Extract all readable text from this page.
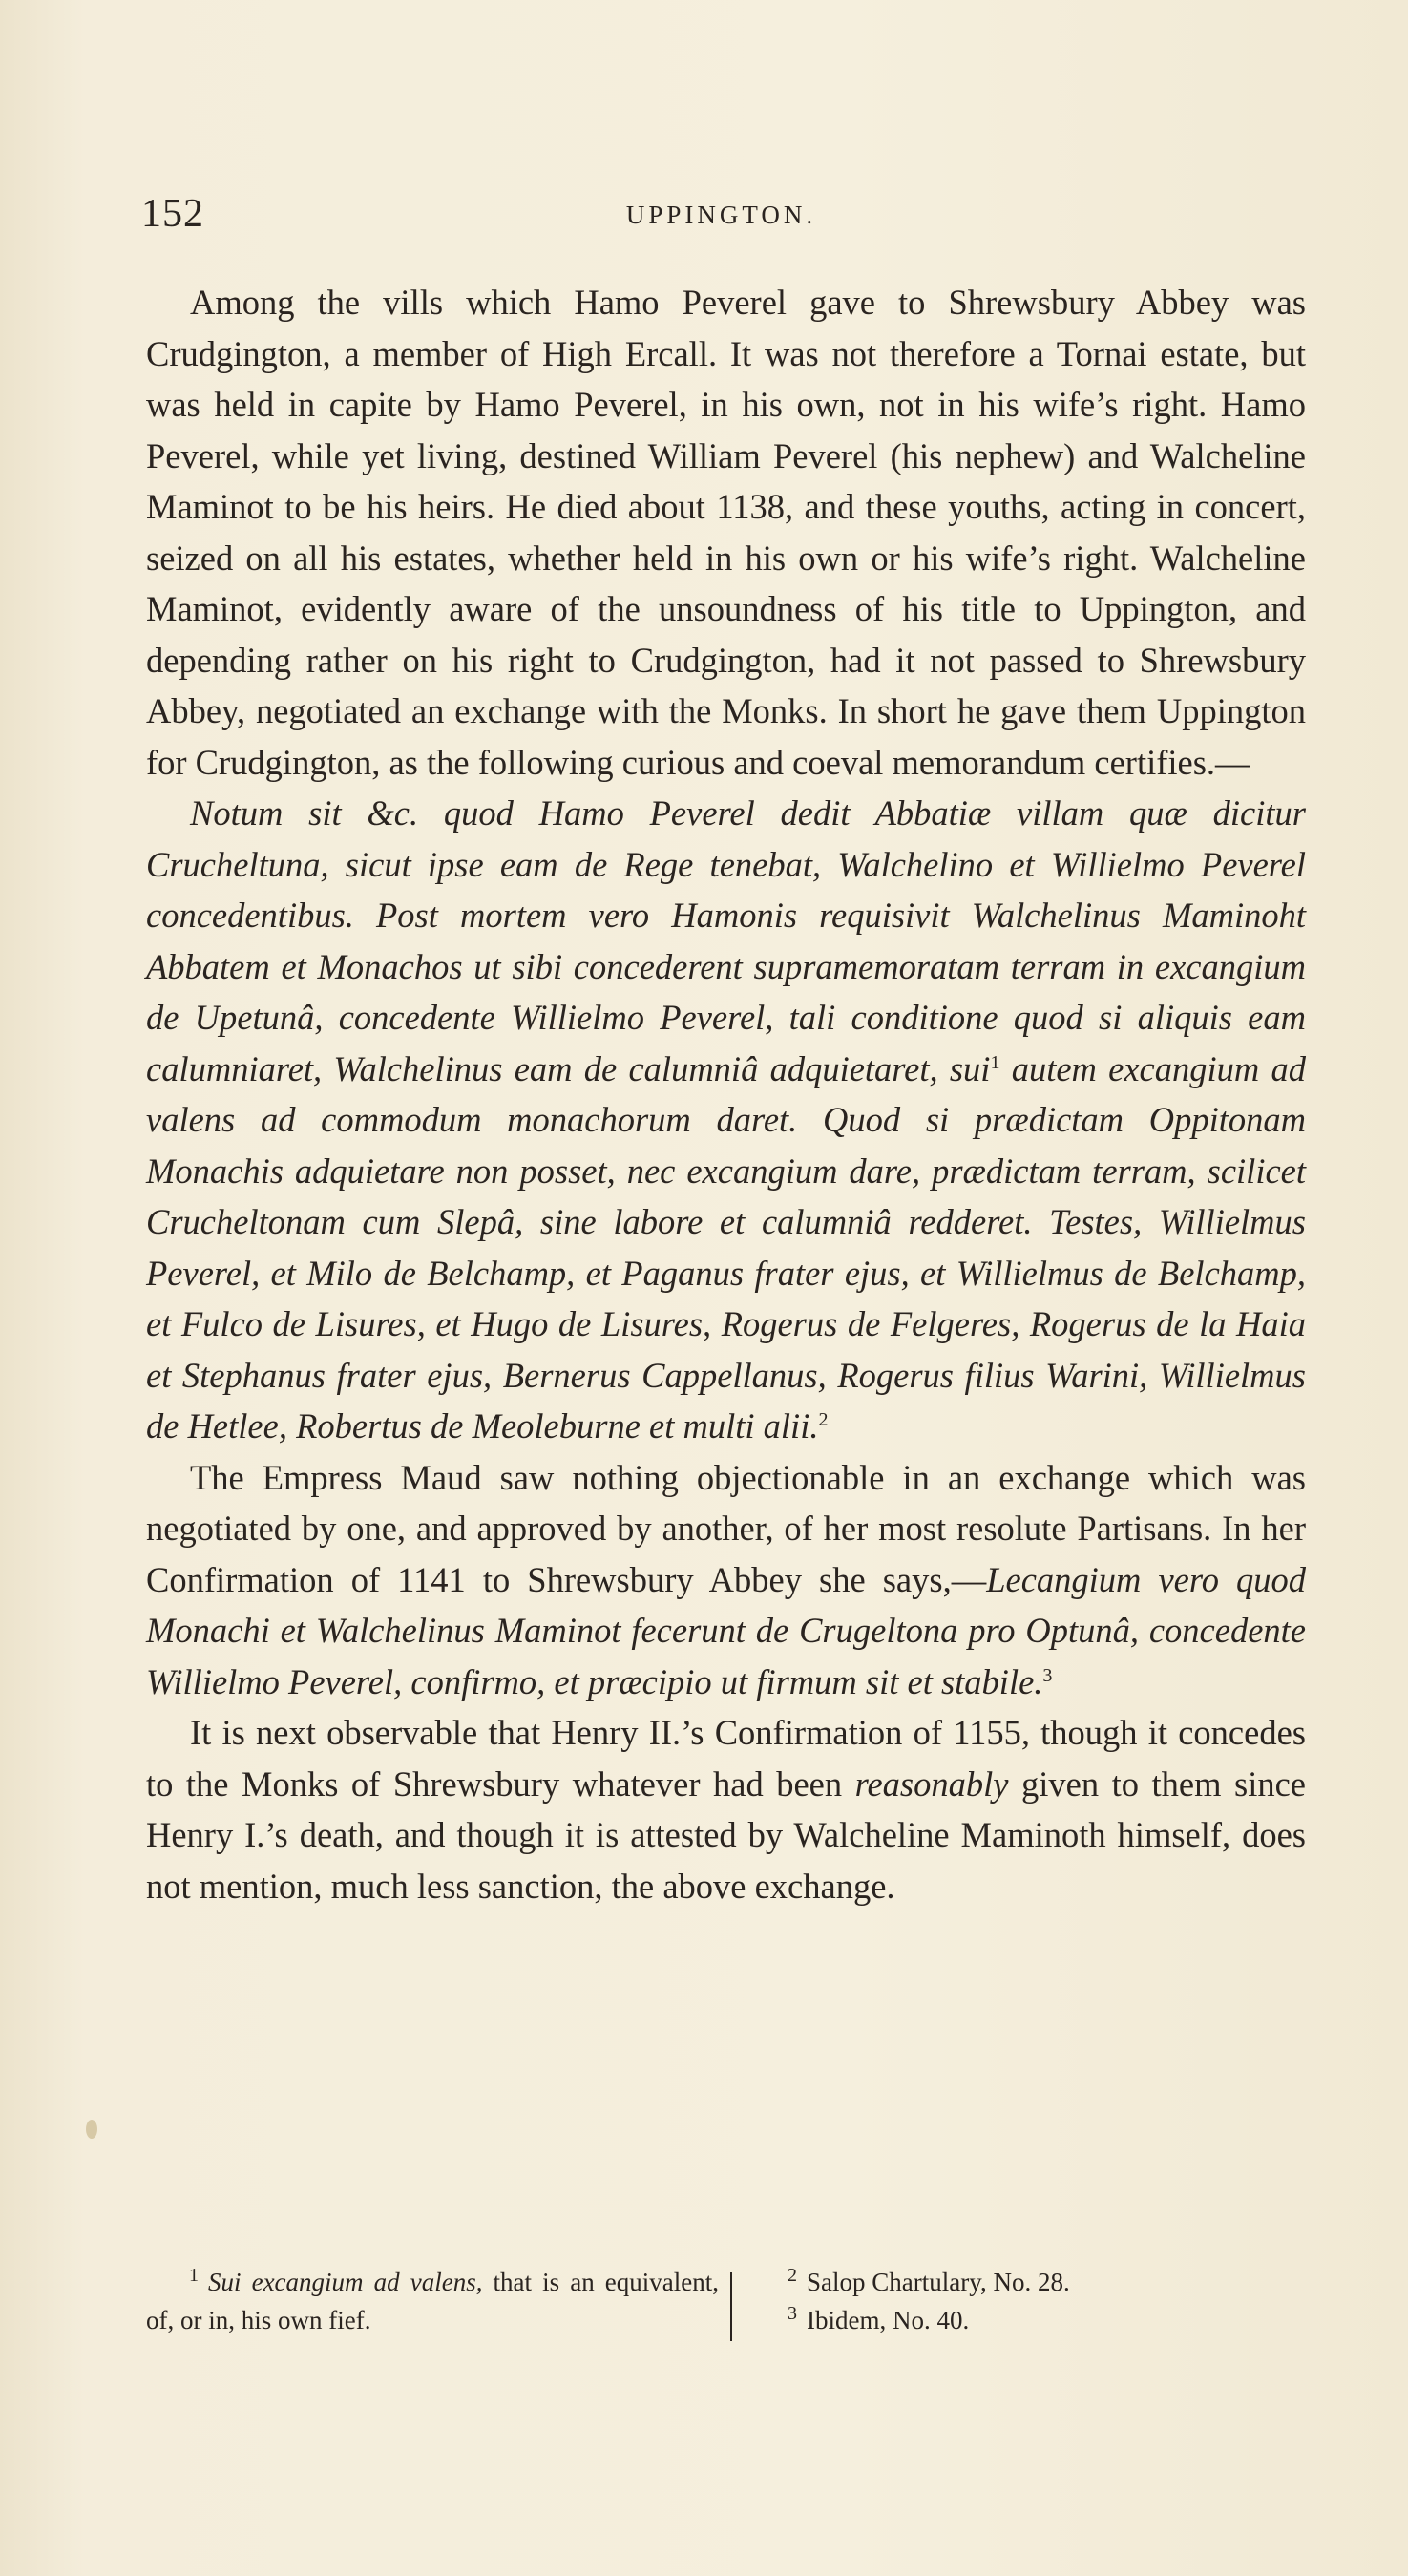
152	UPPINGTON.

Among the vills which Hamo Peverel gave to Shrewsbury Abbey was Crudgington, a member of High Ercall. It was not therefore a Tornai estate, but was held in capite by Hamo Peverel, in his own, not in his wife’s right. Hamo Peverel, while yet living, destined William Peverel (his nephew) and Walcheline Maminot to be his heirs. He died about 1138, and these youths, acting in concert, seized on all his estates, whether held in his own or his wife’s right. Walcheline Maminot, evidently aware of the unsoundness of his title to Uppington, and depending rather on his right to Crudgington, had it not passed to Shrewsbury Abbey, negotiated an exchange with the Monks. In short he gave them Uppington for Crudgington, as the following curious and coeval memorandum certifies.—

Notum sit &c. quod Hamo Peverel dedit Abbatiæ villam quæ dicitur Crucheltuna, sicut ipse eam de Rege tenebat, Walchelino et Willielmo Peverel concedentibus. Post mortem vero Hamonis requisivit Walchelinus Maminoht Abbatem et Monachos ut sibi concederent supramemoratam terram in excangium de Upetunâ, concedente Willielmo Peverel, tali conditione quod si aliquis eam calumniaret, Walchelinus eam de calumniâ adquietaret, sui$^1$ autem excangium ad valens ad commodum monachorum daret. Quod si prædictam Oppitonam Monachis adquietare non posset, nec excangium dare, prædictam terram, scilicet Crucheltonam cum Slepâ, sine labore et calumniâ redderet. Testes, Willielmus Peverel, et Milo de Belchamp, et Paganus frater ejus, et Willielmus de Belchamp, et Fulco de Lisures, et Hugo de Lisures, Rogerus de Felgeres, Rogerus de la Haia et Stephanus frater ejus, Bernerus Cappellanus, Rogerus filius Warini, Willielmus de Hetlee, Robertus de Meoleburne et multi alii.$^2$

The Empress Maud saw nothing objectionable in an exchange which was negotiated by one, and approved by another, of her most resolute Partisans. In her Confirmation of 1141 to Shrewsbury Abbey she says,—Lecangium vero quod Monachi et Walchelinus Maminot fecerunt de Crugeltona pro Optunâ, concedente Willielmo Peverel, confirmo, et præcipio ut firmum sit et stabile.$^3$

It is next observable that Henry II.’s Confirmation of 1155, though it concedes to the Monks of Shrewsbury whatever had been reasonably given to them since Henry I.’s death, and though it is attested by Walcheline Maminoth himself, does not mention, much less sanction, the above exchange.

$^1$ Sui excangium ad valens, that is an equivalent, of, or in, his own fief.
$^2$ Salop Chartulary, No. 28.
$^3$ Ibidem, No. 40.
